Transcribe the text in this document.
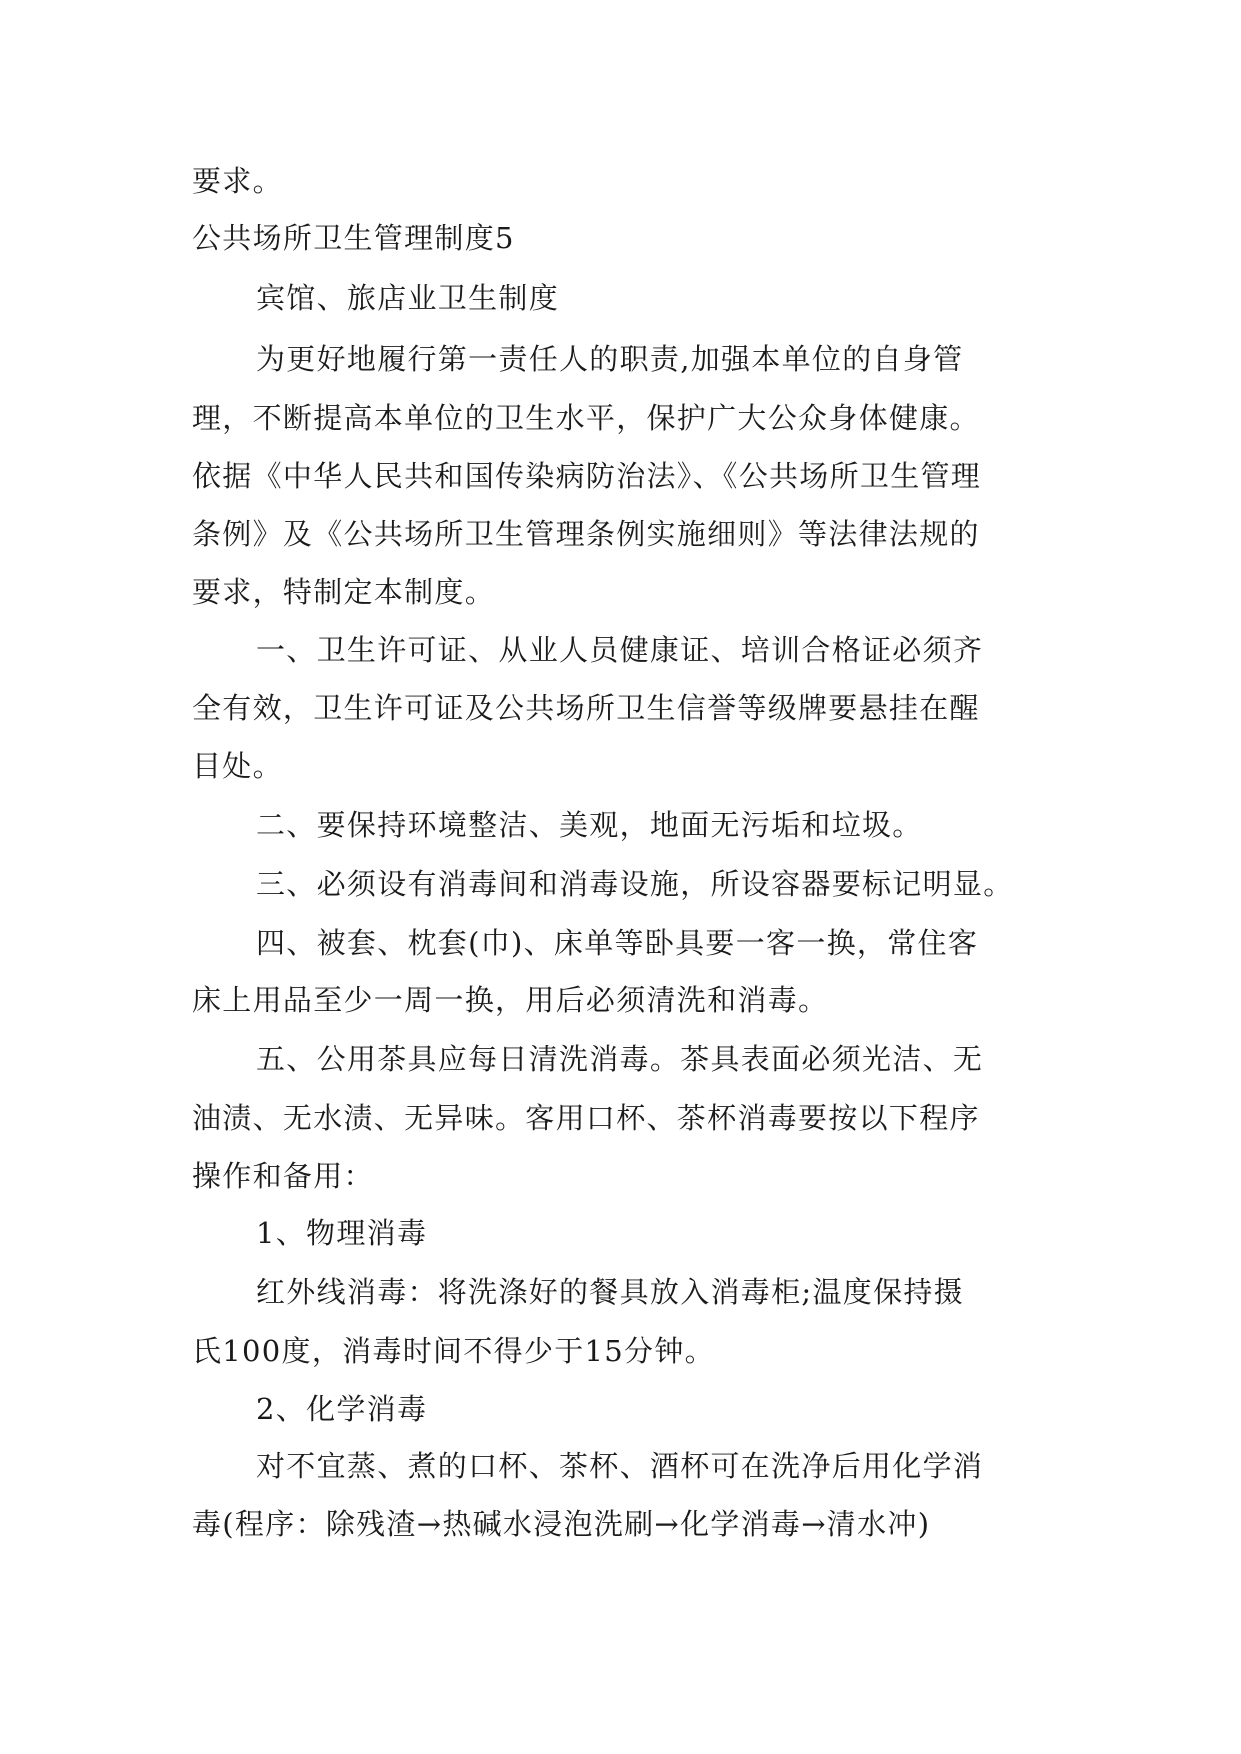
要求。
公共场所卫生管理制度5
宾馆、旅店业卫生制度
为更好地履行第一责任人的职责,加强本单位的自身管
理，不断提高本单位的卫生水平，保护广大公众身体健康。
依据《中华人民共和国传染病防治法》、《公共场所卫生管理
条例》及《公共场所卫生管理条例实施细则》等法律法规的
要求，特制定本制度。
一、卫生许可证、从业人员健康证、培训合格证必须齐
全有效，卫生许可证及公共场所卫生信誉等级牌要悬挂在醒
目处。
二、要保持环境整洁、美观，地面无污垢和垃圾。
三、必须设有消毒间和消毒设施，所设容器要标记明显。
四、被套、枕套(巾)、床单等卧具要一客一换，常住客
床上用品至少一周一换，用后必须清洗和消毒。
五、公用茶具应每日清洗消毒。茶具表面必须光洁、无
油渍、无水渍、无异味。客用口杯、茶杯消毒要按以下程序
操作和备用：
1、物理消毒
红外线消毒：将洗涤好的餐具放入消毒柜;温度保持摄
氏100度，消毒时间不得少于15分钟。
2、化学消毒
对不宜蒸、煮的口杯、茶杯、酒杯可在洗净后用化学消
毒(程序：除残渣→热碱水浸泡洗刷→化学消毒→清水冲)
